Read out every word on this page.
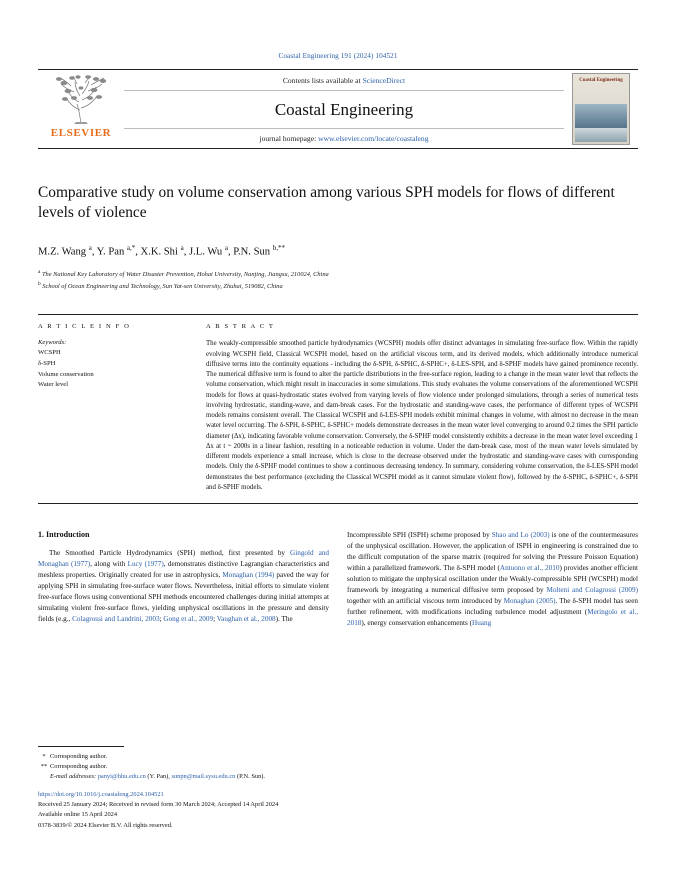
Coastal Engineering 191 (2024) 104521
ELSEVIER
Contents lists available at ScienceDirect
Coastal Engineering
journal homepage: www.elsevier.com/locate/coastaleng
Coastal Engineering
Comparative study on volume conservation among various SPH models for flows of different levels of violence
M.Z. Wang $^a$, Y. Pan $^{a,*}$, X.K. Shi $^a$, J.L. Wu $^a$, P.N. Sun $^{b,**}$
$^a$ The National Key Laboratory of Water Disaster Prevention, Hohai University, Nanjing, Jiangsu, 210024, China
$^b$ School of Ocean Engineering and Technology, Sun Yat-sen University, Zhuhai, 519082, China
A R T I C L E I N F O
Keywords:
WCSPH
δ-SPH
Volume conservation
Water level
A B S T R A C T
The weakly-compressible smoothed particle hydrodynamics (WCSPH) models offer distinct advantages in simulating free-surface flow. Within the rapidly evolving WCSPH field, Classical WCSPH model, based on the artificial viscous term, and its derived models, which additionally introduce numerical diffusive terms into the continuity equations - including the δ-SPH, δ-SPHC, δ-SPHC+, δ-LES-SPH, and δ-SPHF models have gained prominence recently. The numerical diffusive term is found to alter the particle distributions in the free-surface region, leading to a change in the mean water level that reflects the volume conservation, which might result in inaccuracies in some simulations. This study evaluates the volume conservations of the aforementioned WCSPH models for flows at quasi-hydrostatic states evolved from varying levels of flow violence under prolonged simulations, through a series of numerical tests involving hydrostatic, standing-wave, and dam-break cases. For the hydrostatic and standing-wave cases, the performance of different types of WCSPH models remains consistent overall. The Classical WCSPH and δ-LES-SPH models exhibit minimal changes in volume, with almost no decrease in the mean water level occurring. The δ-SPH, δ-SPHC, δ-SPHC+ models demonstrate decreases in the mean water level converging to around 0.2 times the SPH particle diameter (Δx), indicating favorable volume conservation. Conversely, the δ-SPHF model consistently exhibits a decrease in the mean water level exceeding 1 Δx at t ~ 2000s in a linear fashion, resulting in a noticeable reduction in volume. Under the dam-break case, most of the mean water levels simulated by different models experience a small increase, which is close to the decrease observed under the hydrostatic and standing-wave cases with corresponding models. Only the δ-SPHF model continues to show a continuous decreasing tendency. In summary, considering volume conservation, the δ-LES-SPH model demonstrates the best performance (excluding the Classical WCSPH model as it cannot simulate violent flow), followed by the δ-SPHC, δ-SPHC+, δ-SPH and δ-SPHF models.
1. Introduction
The Smoothed Particle Hydrodynamics (SPH) method, first presented by Gingold and Monaghan (1977), along with Lucy (1977), demonstrates distinctive Lagrangian characteristics and meshless properties. Originally created for use in astrophysics, Monaghan (1994) paved the way for applying SPH in simulating free-surface water flows. Nevertheless, initial efforts to simulate violent free-surface flows using conventional SPH methods encountered challenges during initial attempts at simulating violent free-surface flows, yielding unphysical oscillations in the pressure and density fields (e.g., Colagrossi and Landrini, 2003; Gong et al., 2009; Vaughan et al., 2008). The
Incompressible SPH (ISPH) scheme proposed by Shao and Lo (2003) is one of the countermeasures of the unphysical oscillation. However, the application of ISPH in engineering is constrained due to the difficult computation of the sparse matrix (required for solving the Pressure Poisson Equation) within a parallelized framework. The δ-SPH model (Antuono et al., 2010) provides another efficient solution to mitigate the unphysical oscillation under the Weakly-compressible SPH (WCSPH) model framework by integrating a numerical diffusive term proposed by Molteni and Colagrossi (2009) together with an artificial viscous term introduced by Monaghan (2005). The δ-SPH model has seen further refinement, with modifications including turbulence model adjustment (Meringolo et al., 2018), energy conservation enhancements (Huang
* Corresponding author.
** Corresponding author.
E-mail addresses: panyi@hhu.edu.cn (Y. Pan), sunpn@mail.sysu.edu.cn (P.N. Sun).
https://doi.org/10.1016/j.coastaleng.2024.104521
Received 25 January 2024; Received in revised form 30 March 2024; Accepted 14 April 2024
Available online 15 April 2024
0378-3839/© 2024 Elsevier B.V. All rights reserved.
